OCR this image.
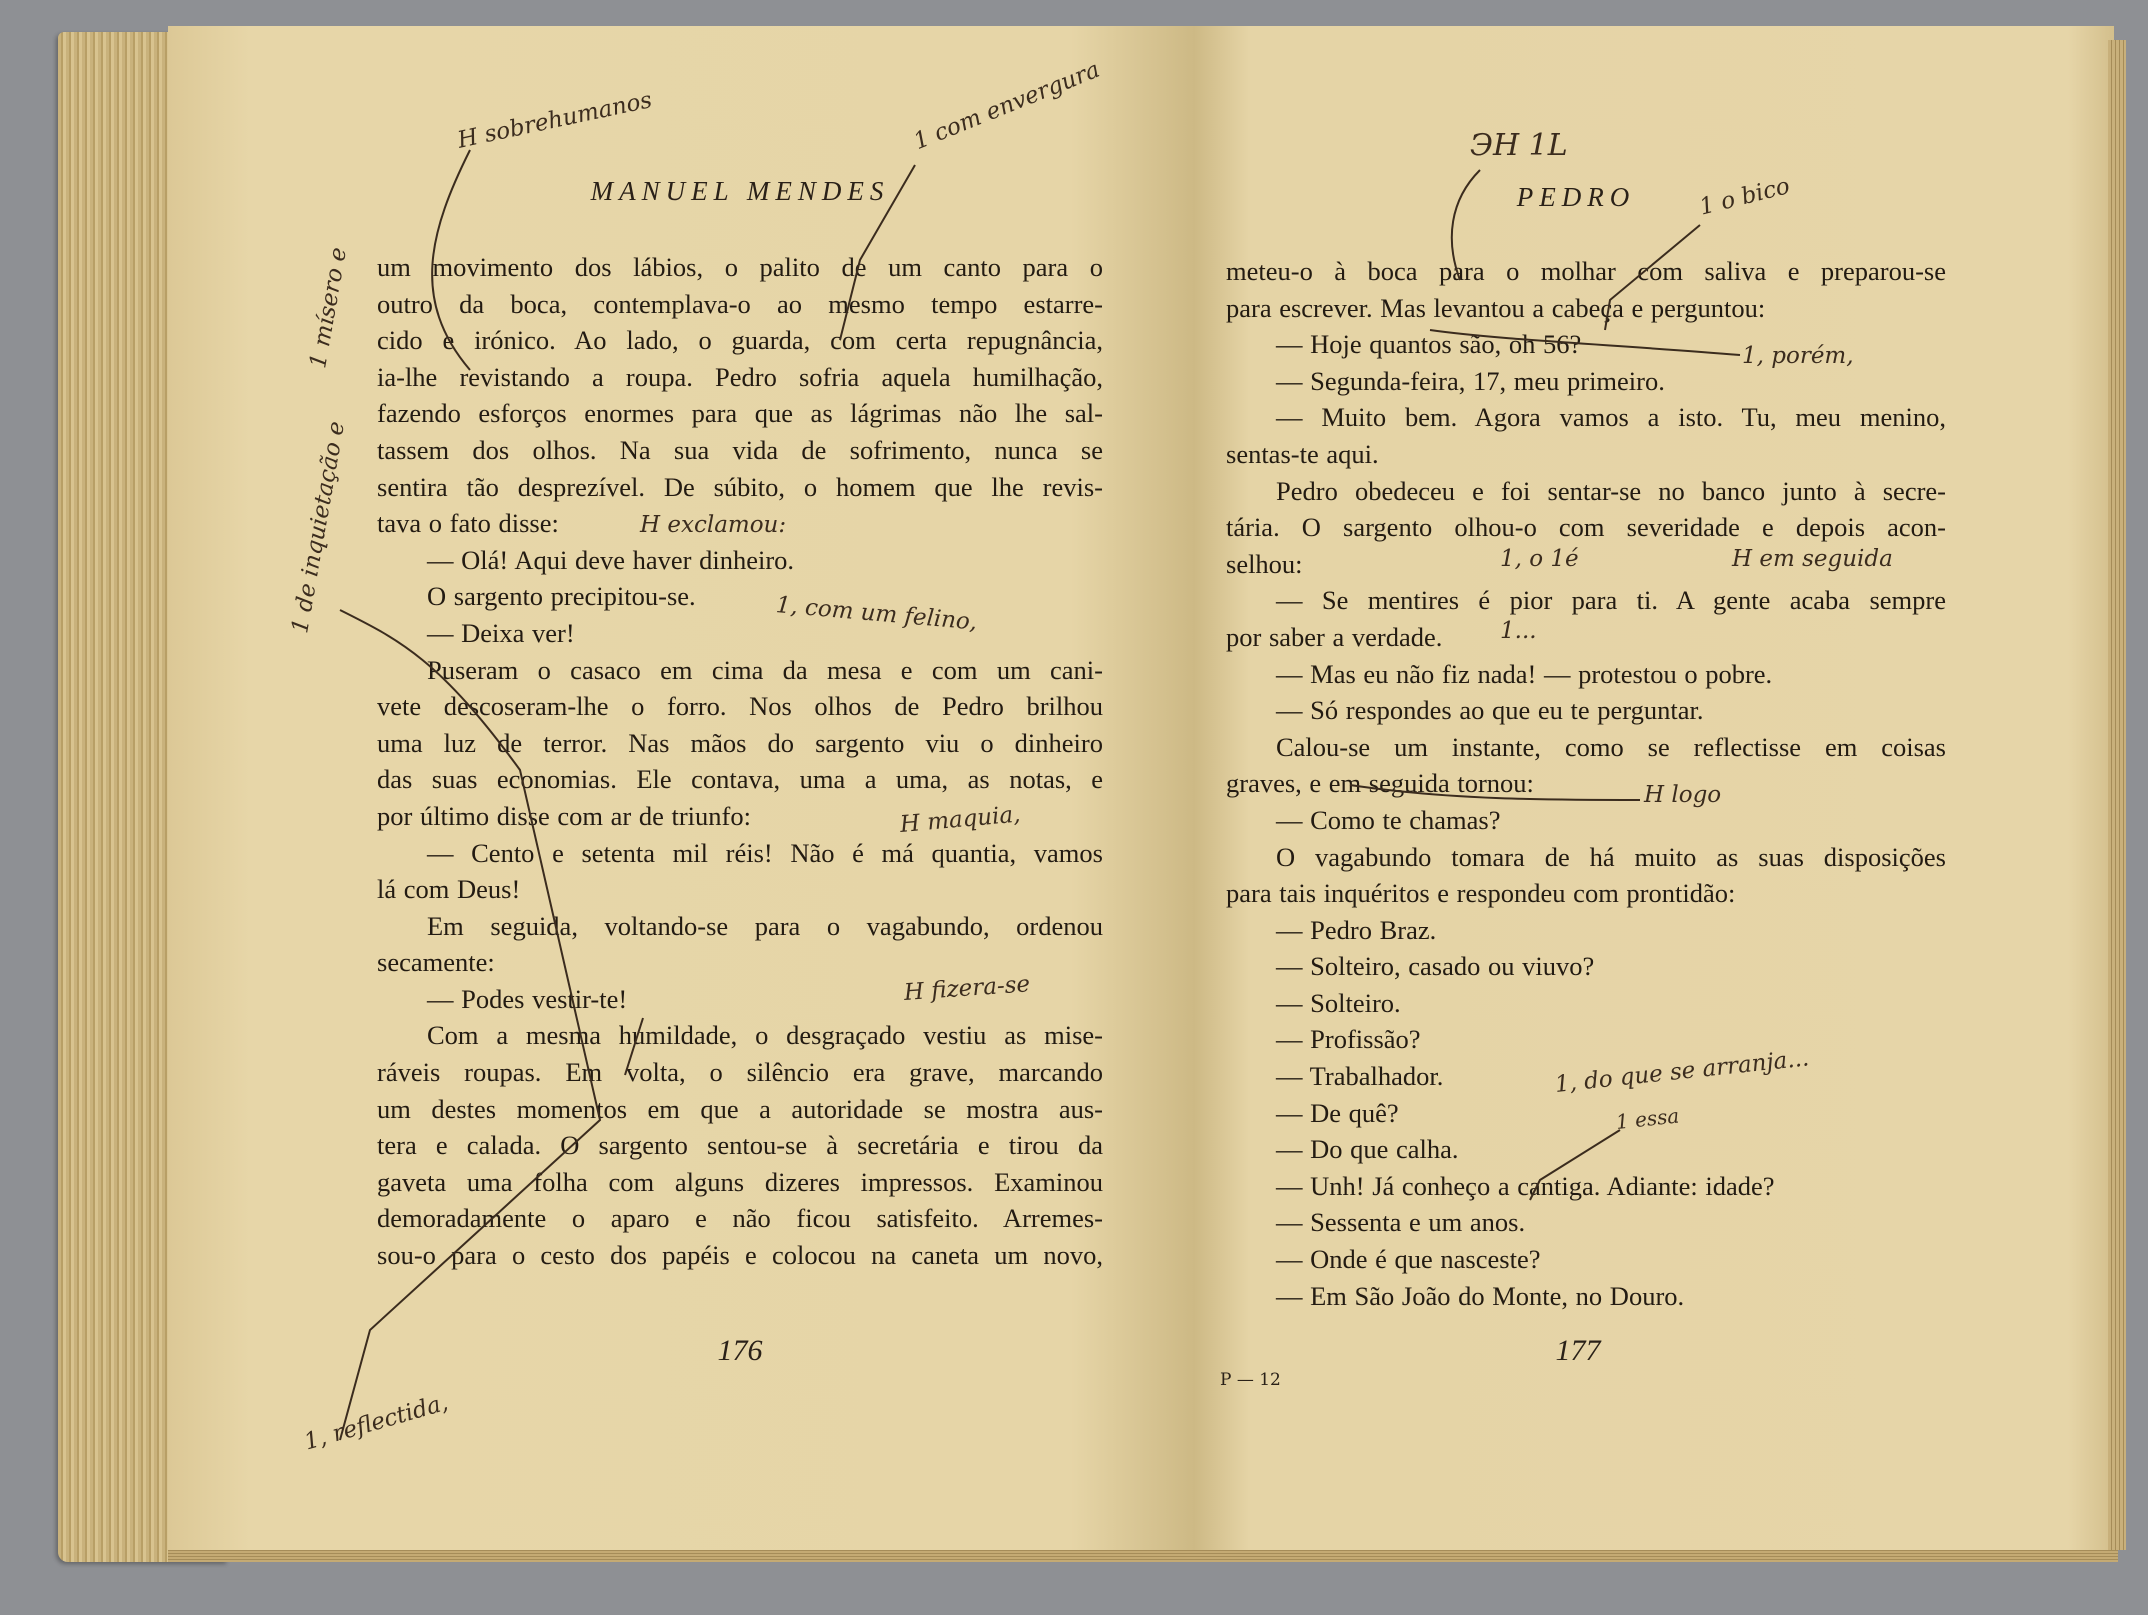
MANUEL MENDES	PEDRO
um movimento dos lábios, o palito de um canto para o
outro da boca, contemplava-o ao mesmo tempo estarre-
cido e irónico. Ao lado, o guarda, com certa repugnância,
ia-lhe revistando a roupa. Pedro sofria aquela humilhação,
fazendo esforços enormes para que as lágrimas não lhe sal-
tassem dos olhos. Na sua vida de sofrimento, nunca se
sentira tão desprezível. De súbito, o homem que lhe revis-
tava o fato disse:
— Olá! Aqui deve haver dinheiro.
O sargento precipitou-se.
— Deixa ver!
Puseram o casaco em cima da mesa e com um cani-
vete descoseram-lhe o forro. Nos olhos de Pedro brilhou
uma luz de terror. Nas mãos do sargento viu o dinheiro
das suas economias. Ele contava, uma a uma, as notas, e
por último disse com ar de triunfo:
— Cento e setenta mil réis! Não é má quantia, vamos
lá com Deus!
Em seguida, voltando-se para o vagabundo, ordenou
secamente:
— Podes vestir-te!
Com a mesma humildade, o desgraçado vestiu as mise-
ráveis roupas. Em volta, o silêncio era grave, marcando
um destes momentos em que a autoridade se mostra aus-
tera e calada. O sargento sentou-se à secretária e tirou da
gaveta uma folha com alguns dizeres impressos. Examinou
demoradamente o aparo e não ficou satisfeito. Arremes-
sou-o para o cesto dos papéis e colocou na caneta um novo,
meteu-o à boca para o molhar com saliva e preparou-se
para escrever. Mas levantou a cabeça e perguntou:
— Hoje quantos são, oh 56?
— Segunda-feira, 17, meu primeiro.
— Muito bem. Agora vamos a isto. Tu, meu menino,
sentas-te aqui.
Pedro obedeceu e foi sentar-se no banco junto à secre-
tária. O sargento olhou-o com severidade e depois acon-
selhou:
— Se mentires é pior para ti. A gente acaba sempre
por saber a verdade.
— Mas eu não fiz nada! — protestou o pobre.
— Só respondes ao que eu te perguntar.
Calou-se um instante, como se reflectisse em coisas
graves, e em seguida tornou:
— Como te chamas?
O vagabundo tomara de há muito as suas disposições
para tais inquéritos e respondeu com prontidão:
— Pedro Braz.
— Solteiro, casado ou viuvo?
— Solteiro.
— Profissão?
— Trabalhador.
— De quê?
— Do que calha.
— Unh! Já conheço a cantiga. Adiante: idade?
— Sessenta e um anos.
— Onde é que nasceste?
— Em São João do Monte, no Douro.
176	177
P — 12
H sobrehumanos	1 com envergura
1 de inquietação e
1 mísero e
H exclamou:
1, com um felino,
H maquia,
H fizera-se
1, reflectida,
ЭH 1L
1 o bico
1, porém,
1, o 1é	H em seguida
1...
H logo
1, do que se arranja...
1 essa
